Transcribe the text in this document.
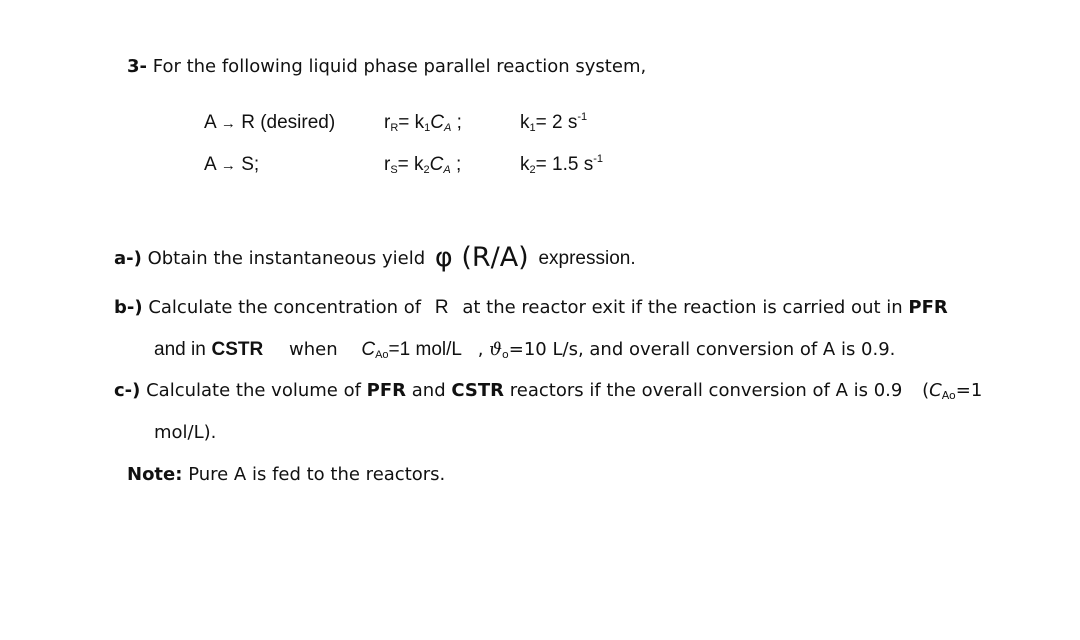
3- For the following liquid phase parallel reaction system,
A → R (desired)	$r_R= k_1C_A$ ;	$k_1= 2$ $s^{-1}$
A → S;	$r_S= k_2C_A$ ;	$k_2= 1.5$ $s^{-1}$
a-) Obtain the instantaneous yield φ (R/A) expression.
b-) Calculate the concentration of R at the reactor exit if the reaction is carried out in PFR
and in CSTR when $C_{Ao}=1$ mol/L , $ϑ_o=10$ L/s, and overall conversion of A is 0.9.
c-) Calculate the volume of PFR and CSTR reactors if the overall conversion of A is 0.9 ($C_{Ao}=1$
mol/L).
Note: Pure A is fed to the reactors.
